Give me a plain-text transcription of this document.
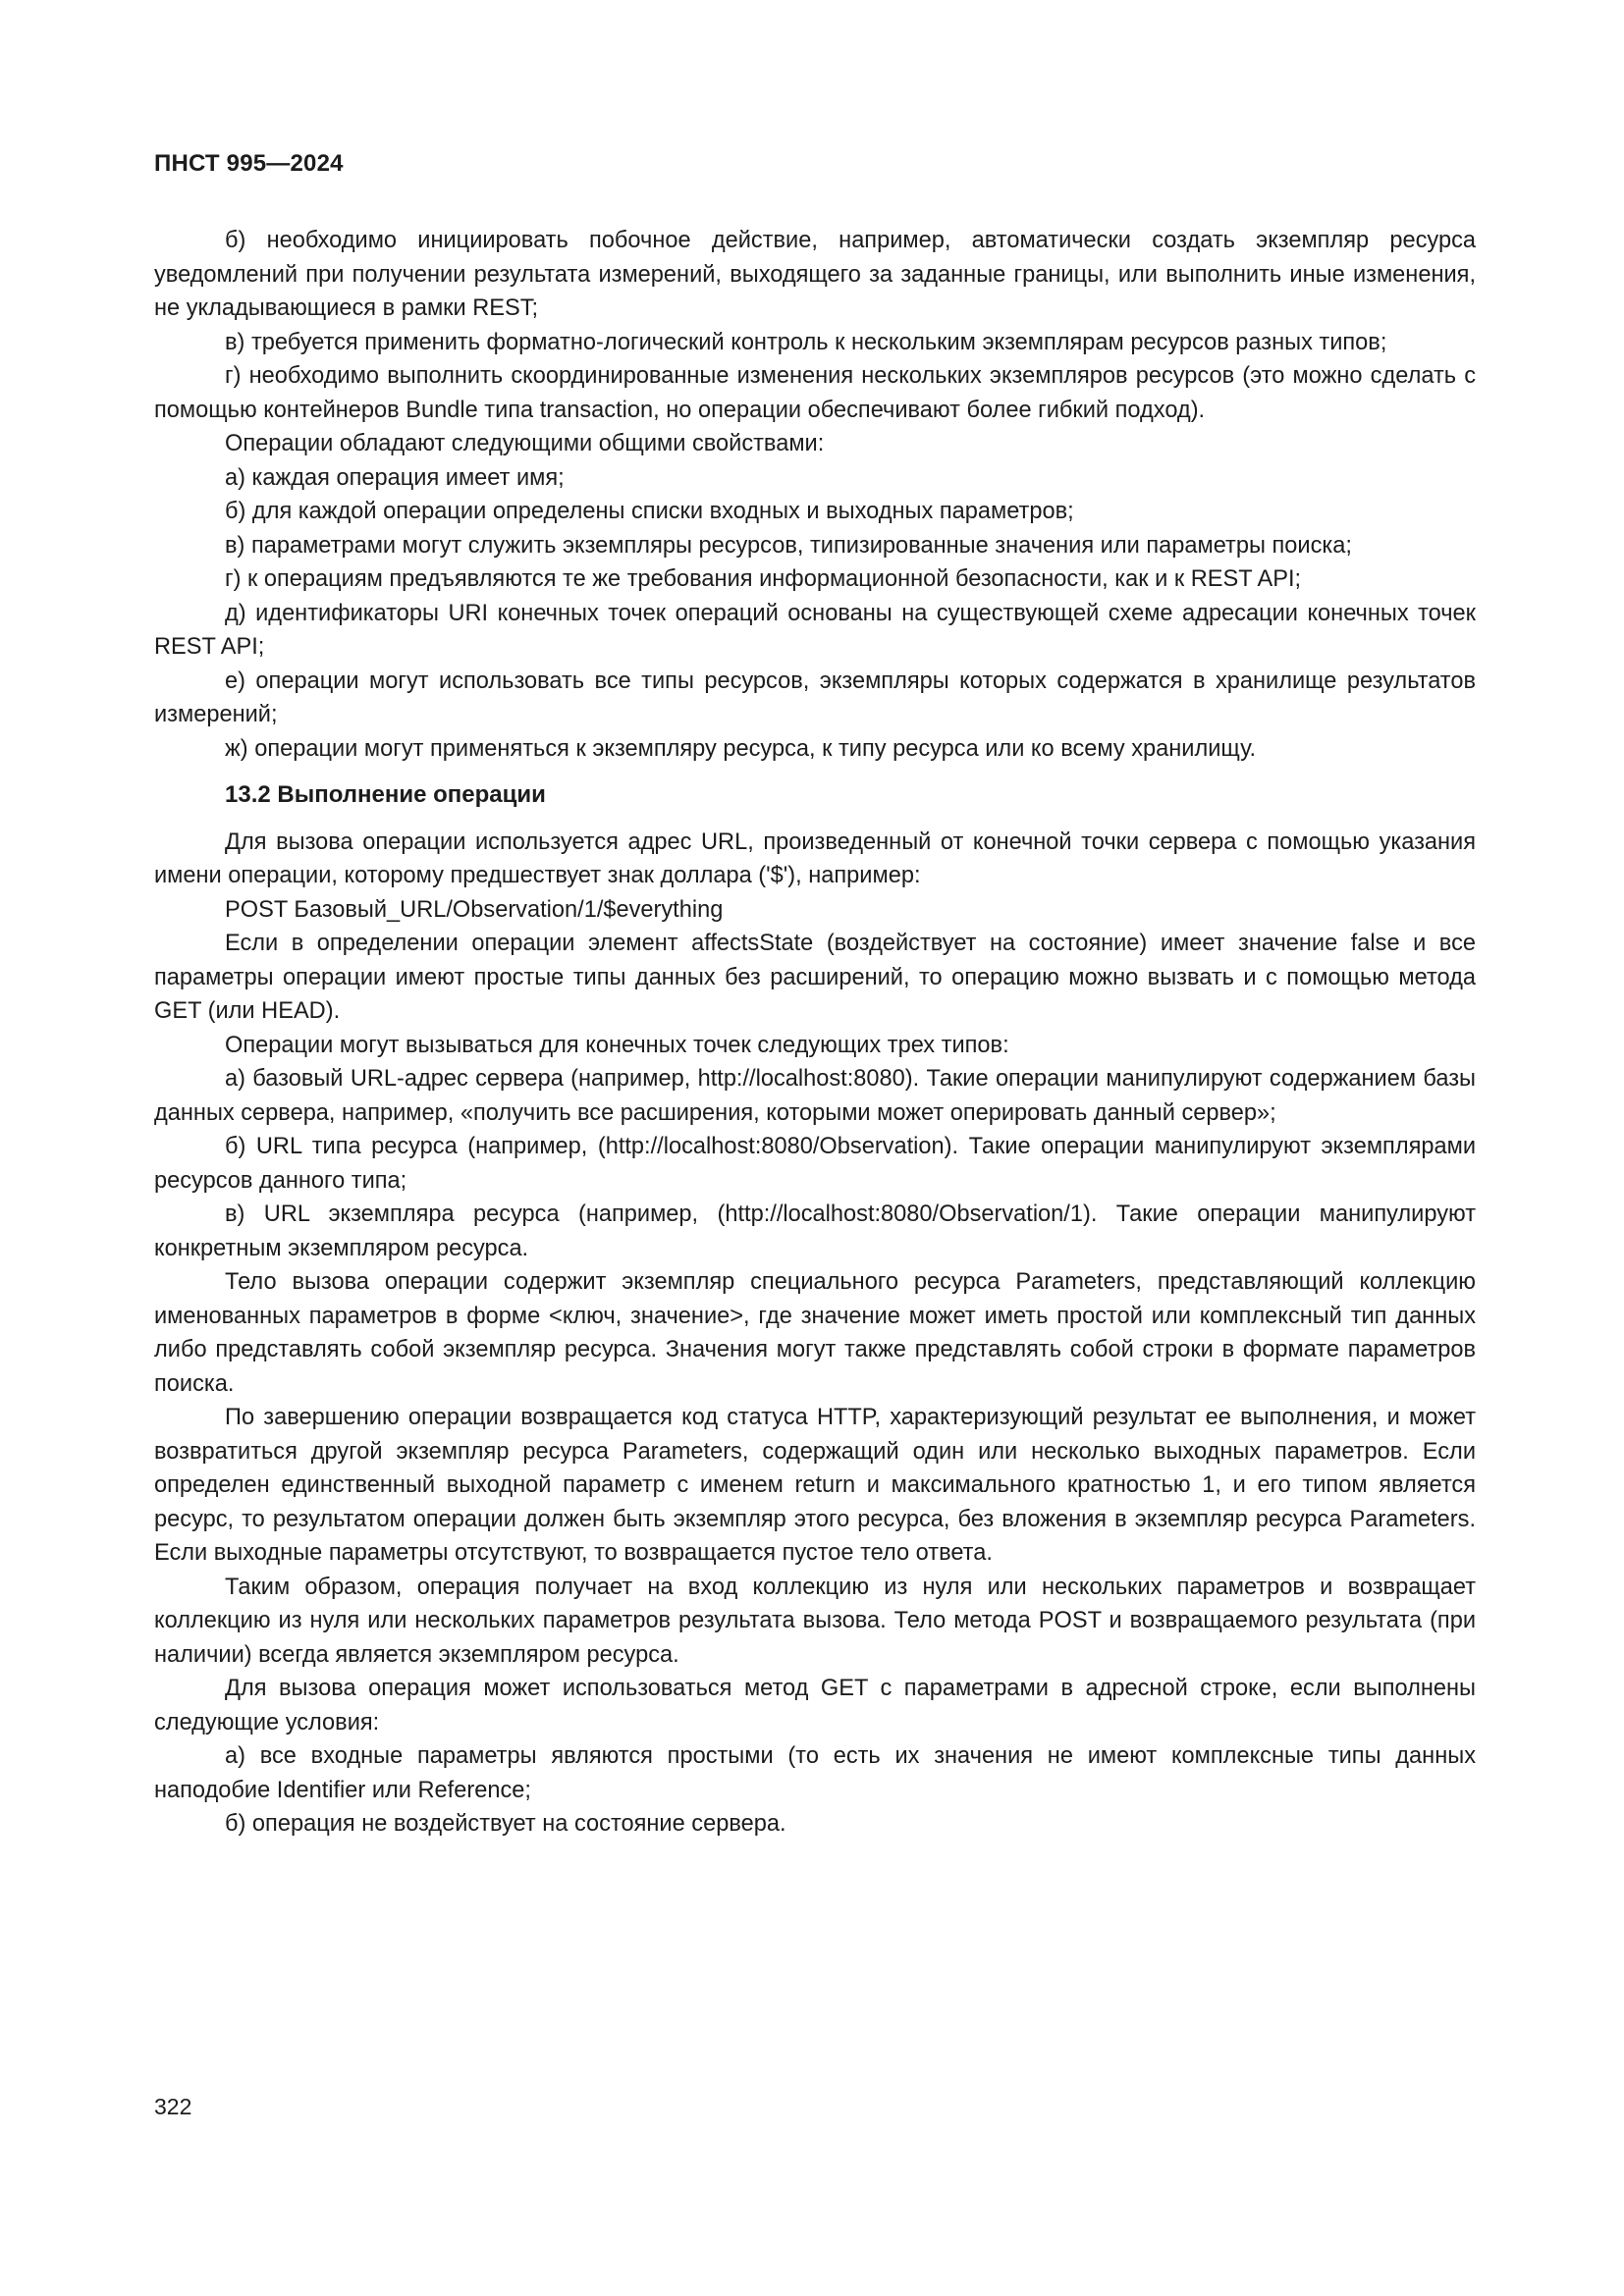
ПНСТ 995—2024

б) необходимо инициировать побочное действие, например, автоматически создать экземпляр ресурса уведомлений при получении результата измерений, выходящего за заданные границы, или выполнить иные изменения, не укладывающиеся в рамки REST;

в) требуется применить форматно-логический контроль к нескольким экземплярам ресурсов разных типов;

г) необходимо выполнить скоординированные изменения нескольких экземпляров ресурсов (это можно сделать с помощью контейнеров Bundle типа transaction, но операции обеспечивают более гибкий подход).

Операции обладают следующими общими свойствами:

а) каждая операция имеет имя;

б) для каждой операции определены списки входных и выходных параметров;

в) параметрами могут служить экземпляры ресурсов, типизированные значения или параметры поиска;

г) к операциям предъявляются те же требования информационной безопасности, как и к REST API;

д) идентификаторы URI конечных точек операций основаны на существующей схеме адресации конечных точек REST API;

е) операции могут использовать все типы ресурсов, экземпляры которых содержатся в хранилище результатов измерений;

ж) операции могут применяться к экземпляру ресурса, к типу ресурса или ко всему хранилищу.

13.2 Выполнение операции

Для вызова операции используется адрес URL, произведенный от конечной точки сервера с помощью указания имени операции, которому предшествует знак доллара ('$'), например:

POST Базовый_URL/Observation/1/$everything

Если в определении операции элемент affectsState (воздействует на состояние) имеет значение false и все параметры операции имеют простые типы данных без расширений, то операцию можно вызвать и с помощью метода GET (или HEAD).

Операции могут вызываться для конечных точек следующих трех типов:

а) базовый URL-адрес сервера (например, http://localhost:8080). Такие операции манипулируют содержанием базы данных сервера, например, «получить все расширения, которыми может оперировать данный сервер»;

б) URL типа ресурса (например, (http://localhost:8080/Observation). Такие операции манипулируют экземплярами ресурсов данного типа;

в) URL экземпляра ресурса (например, (http://localhost:8080/Observation/1). Такие операции манипулируют конкретным экземпляром ресурса.

Тело вызова операции содержит экземпляр специального ресурса Parameters, представляющий коллекцию именованных параметров в форме <ключ, значение>, где значение может иметь простой или комплексный тип данных либо представлять собой экземпляр ресурса. Значения могут также представлять собой строки в формате параметров поиска.

По завершению операции возвращается код статуса HTTP, характеризующий результат ее выполнения, и может возвратиться другой экземпляр ресурса Parameters, содержащий один или несколько выходных параметров. Если определен единственный выходной параметр с именем return и максимального кратностью 1, и его типом является ресурс, то результатом операции должен быть экземпляр этого ресурса, без вложения в экземпляр ресурса Parameters. Если выходные параметры отсутствуют, то возвращается пустое тело ответа.

Таким образом, операция получает на вход коллекцию из нуля или нескольких параметров и возвращает коллекцию из нуля или нескольких параметров результата вызова. Тело метода POST и возвращаемого результата (при наличии) всегда является экземпляром ресурса.

Для вызова операция может использоваться метод GET с параметрами в адресной строке, если выполнены следующие условия:

а) все входные параметры являются простыми (то есть их значения не имеют комплексные типы данных наподобие Identifier или Reference;

б) операция не воздействует на состояние сервера.

322
